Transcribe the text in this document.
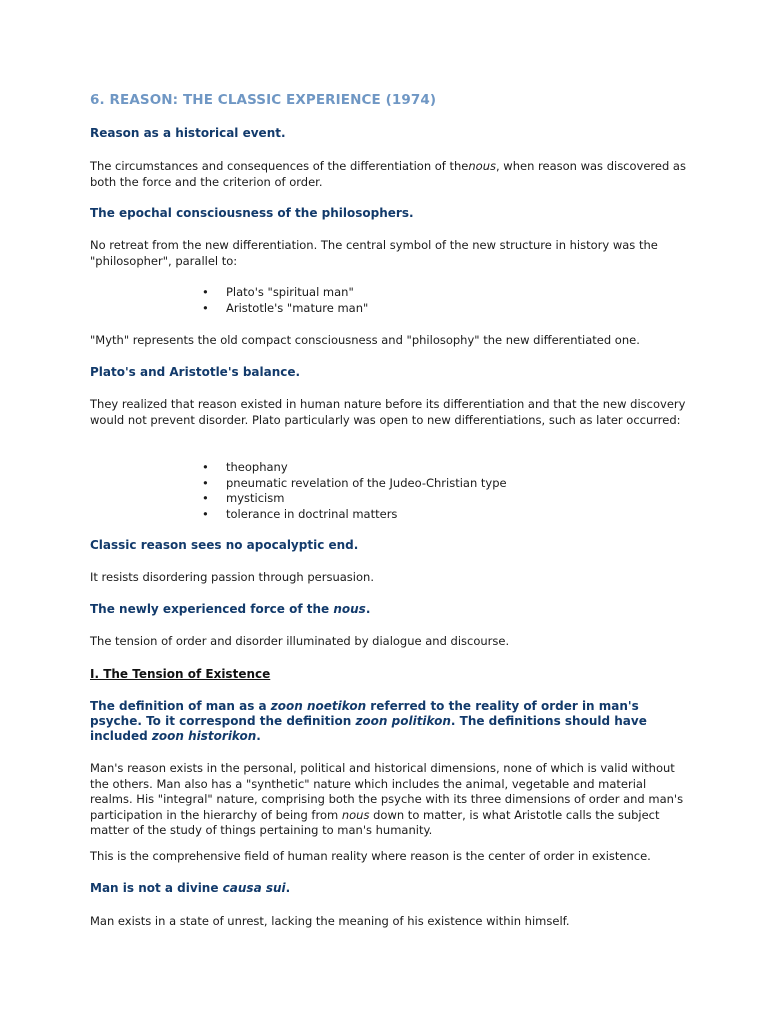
6. REASON: THE CLASSIC EXPERIENCE (1974)
Reason as a historical event.
The circumstances and consequences of the differentiation of thenous, when reason was discovered as both the force and the criterion of order.
The epochal consciousness of the philosophers.
No retreat from the new differentiation. The central symbol of the new structure in history was the "philosopher", parallel to:
• Plato's "spiritual man"
• Aristotle's "mature man"
"Myth" represents the old compact consciousness and "philosophy" the new differentiated one.
Plato's and Aristotle's balance.
They realized that reason existed in human nature before its differentiation and that the new discovery would not prevent disorder. Plato particularly was open to new differentiations, such as later occurred:
• theophany
• pneumatic revelation of the Judeo-Christian type
• mysticism
• tolerance in doctrinal matters
Classic reason sees no apocalyptic end.
It resists disordering passion through persuasion.
The newly experienced force of the nous.
The tension of order and disorder illuminated by dialogue and discourse.
I. The Tension of Existence
The definition of man as a zoon noetikon referred to the reality of order in man's psyche. To it correspond the definition zoon politikon. The definitions should have included zoon historikon.
Man's reason exists in the personal, political and historical dimensions, none of which is valid without the others. Man also has a "synthetic" nature which includes the animal, vegetable and material realms. His "integral" nature, comprising both the psyche with its three dimensions of order and man's participation in the hierarchy of being from nous down to matter, is what Aristotle calls the subject matter of the study of things pertaining to man's humanity.
This is the comprehensive field of human reality where reason is the center of order in existence.
Man is not a divine causa sui.
Man exists in a state of unrest, lacking the meaning of his existence within himself.
